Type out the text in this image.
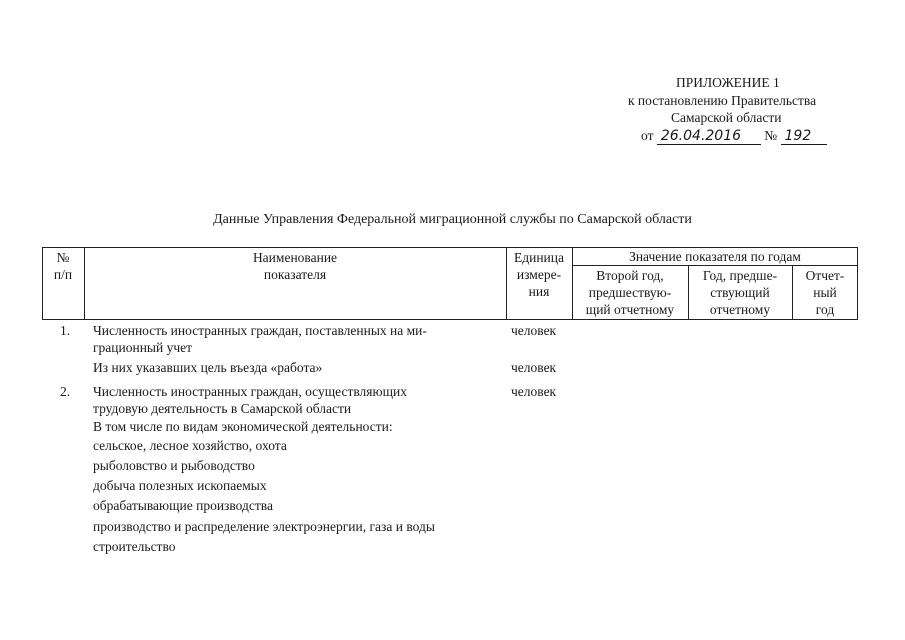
ПРИЛОЖЕНИЕ 1
к постановлению Правительства
Самарской области
от 26.04.2016 № 192
Данные Управления Федеральной миграционной службы по Самарской области
№
п/п
Наименование
показателя
Единица
измере-
ния
Значение показателя по годам
Второй год,
предшествую-
щий отчетному
Год, предше-
ствующий
отчетному
Отчет-
ный
год
1. Численность иностранных граждан, поставленных на ми-
грационный учет
человек
Из них указавших цель въезда «работа»	человек
2. Численность иностранных граждан, осуществляющих
трудовую деятельность в Самарской области
человек
В том числе по видам экономической деятельности:
сельское, лесное хозяйство, охота
рыболовство и рыбоводство
добыча полезных ископаемых
обрабатывающие производства
производство и распределение электроэнергии, газа и воды
строительство
